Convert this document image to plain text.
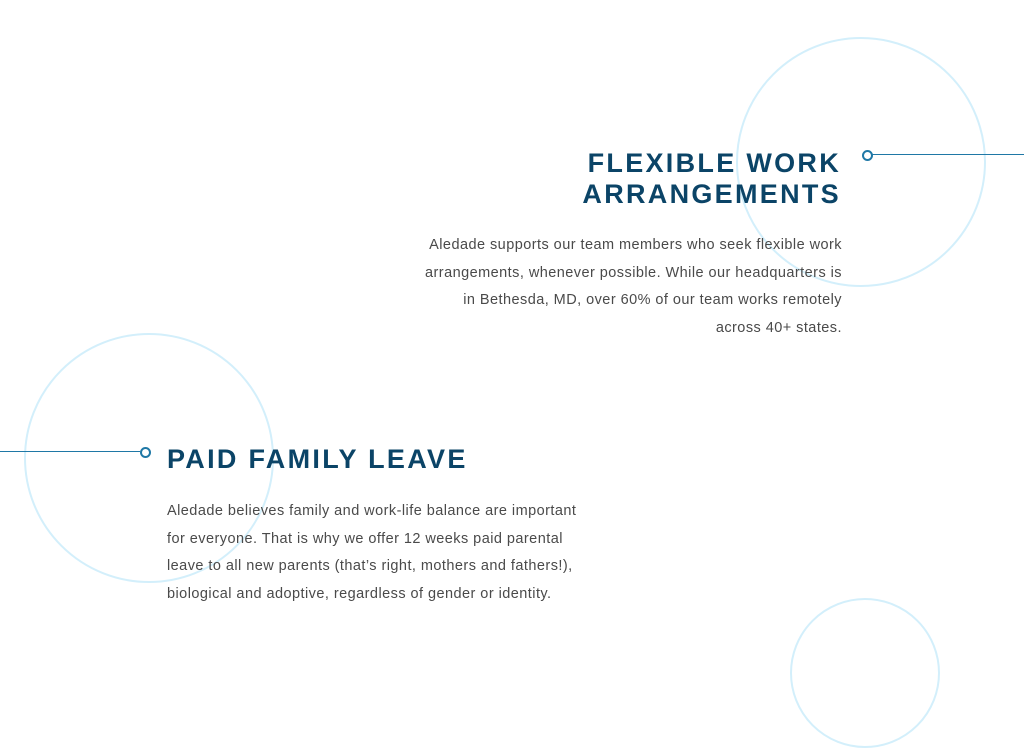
FLEXIBLE WORK
ARRANGEMENTS

Aledade supports our team members who seek flexible work
arrangements, whenever possible. While our headquarters is
in Bethesda, MD, over 60% of our team works remotely
across 40+ states.

PAID FAMILY LEAVE

Aledade believes family and work-life balance are important
for everyone. That is why we offer 12 weeks paid parental
leave to all new parents (that’s right, mothers and fathers!),
biological and adoptive, regardless of gender or identity.
